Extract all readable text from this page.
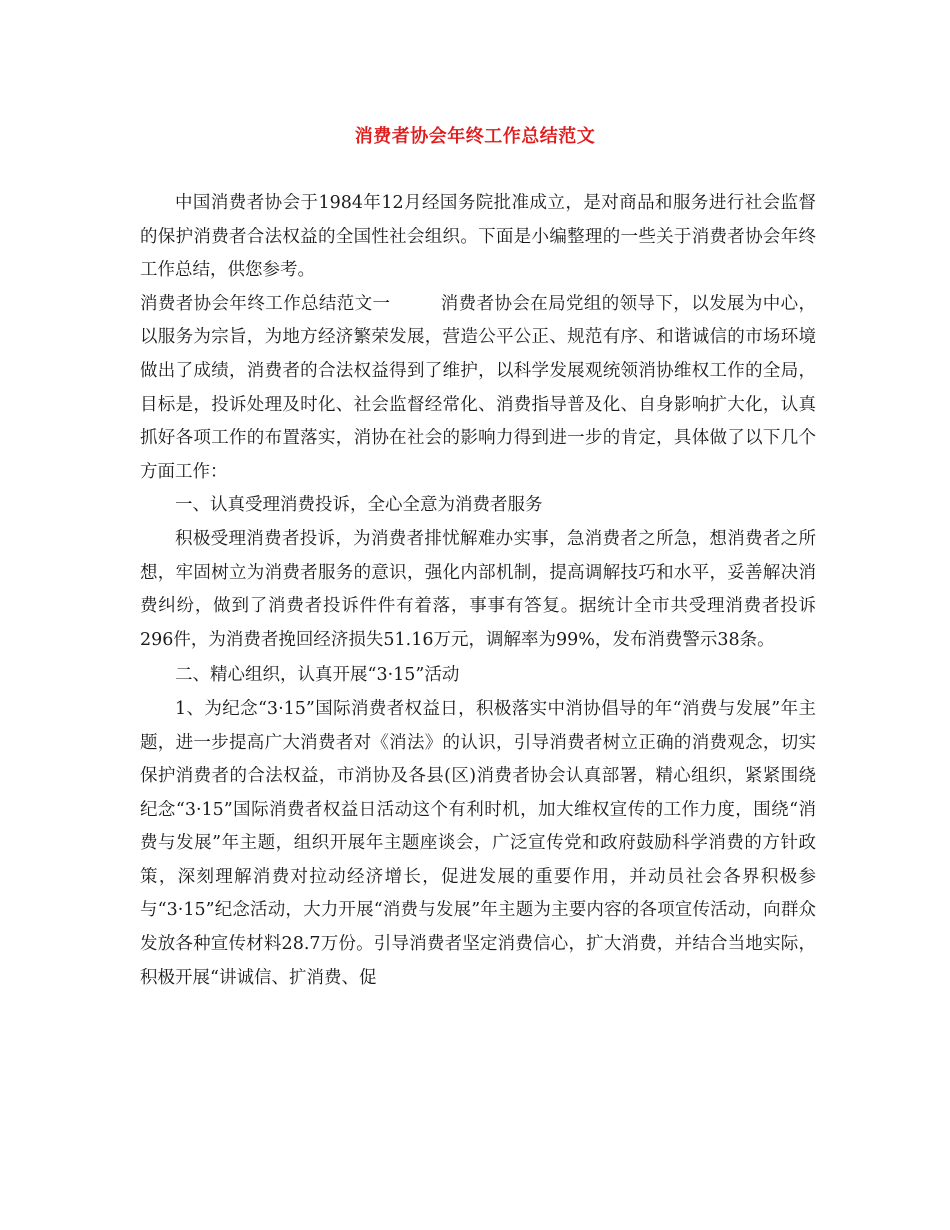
消费者协会年终工作总结范文

中国消费者协会于1984年12月经国务院批准成立，是对商品和服务进行社会监督的保护消费者合法权益的全国性社会组织。下面是小编整理的一些关于消费者协会年终工作总结，供您参考。

消费者协会年终工作总结范文一	消费者协会在局党组的领导下，以发展为中心，以服务为宗旨，为地方经济繁荣发展，营造公平公正、规范有序、和谐诚信的市场环境做出了成绩，消费者的合法权益得到了维护，以科学发展观统领消协维权工作的全局，目标是，投诉处理及时化、社会监督经常化、消费指导普及化、自身影响扩大化，认真抓好各项工作的布置落实，消协在社会的影响力得到进一步的肯定，具体做了以下几个方面工作：

一、认真受理消费投诉，全心全意为消费者服务

积极受理消费者投诉，为消费者排忧解难办实事，急消费者之所急，想消费者之所想，牢固树立为消费者服务的意识，强化内部机制，提高调解技巧和水平，妥善解决消费纠纷，做到了消费者投诉件件有着落，事事有答复。据统计全市共受理消费者投诉296件，为消费者挽回经济损失51.16万元，调解率为99%，发布消费警示38条。

二、精心组织，认真开展“3·15”活动

1、为纪念“3·15”国际消费者权益日，积极落实中消协倡导的年“消费与发展”年主题，进一步提高广大消费者对《消法》的认识，引导消费者树立正确的消费观念，切实保护消费者的合法权益，市消协及各县(区)消费者协会认真部署，精心组织，紧紧围绕纪念“3·15”国际消费者权益日活动这个有利时机，加大维权宣传的工作力度，围绕“消费与发展”年主题，组织开展年主题座谈会，广泛宣传党和政府鼓励科学消费的方针政策，深刻理解消费对拉动经济增长，促进发展的重要作用，并动员社会各界积极参与“3·15”纪念活动，大力开展“消费与发展”年主题为主要内容的各项宣传活动，向群众发放各种宣传材料28.7万份。引导消费者坚定消费信心，扩大消费，并结合当地实际，积极开展“讲诚信、扩消费、促
